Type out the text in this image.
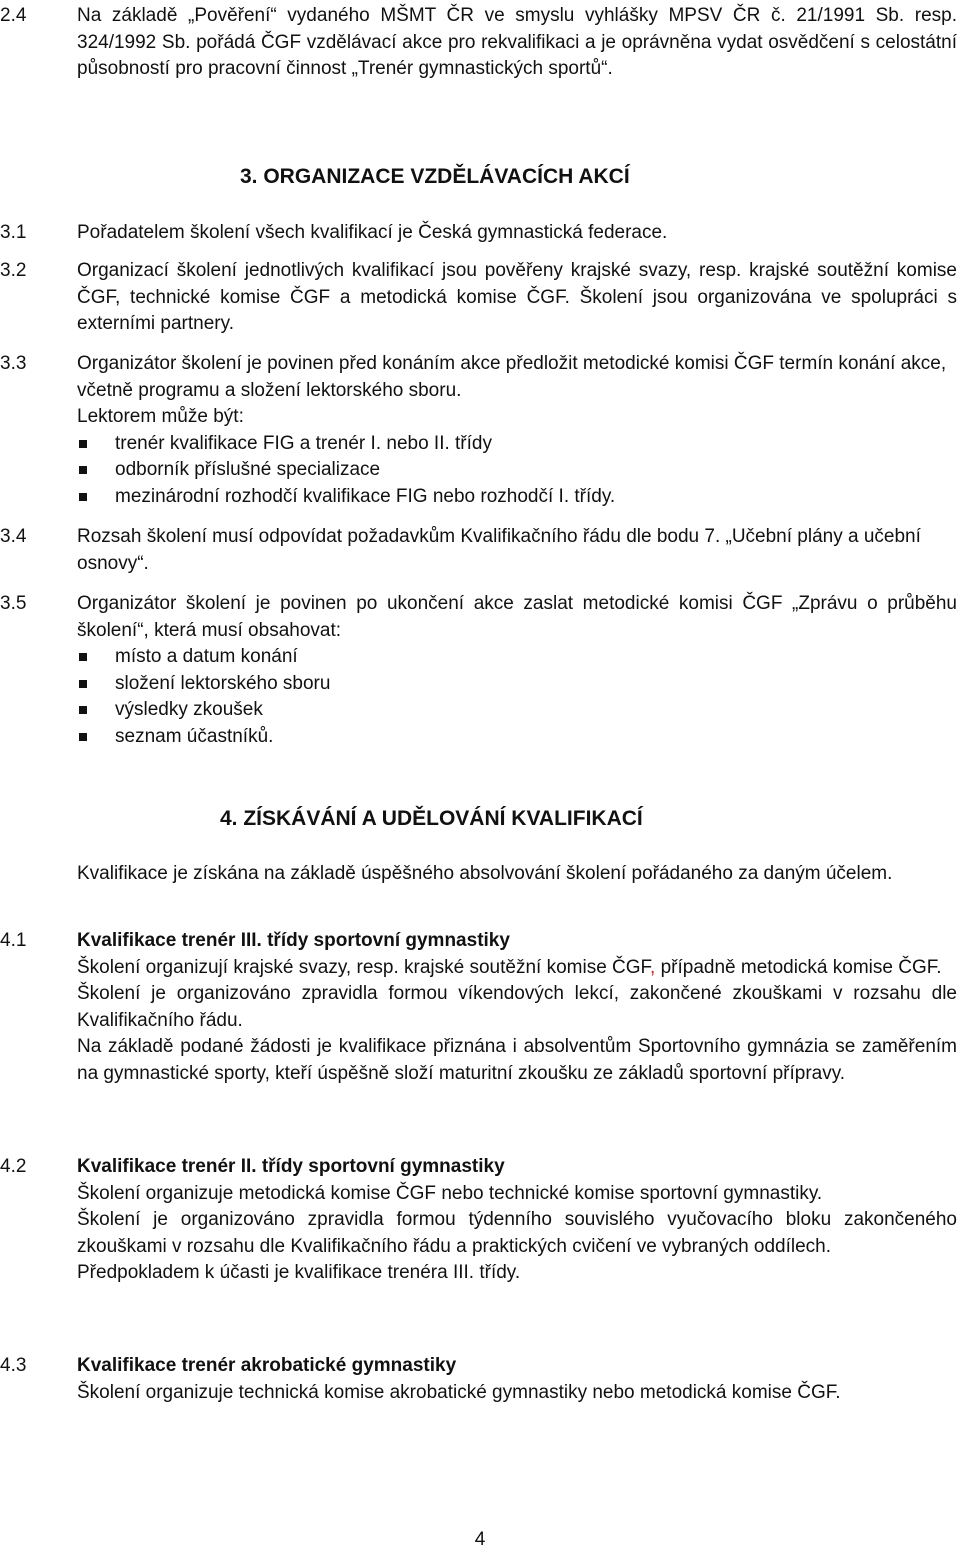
2.4	Na základě „Pověření“ vydaného MŠMT ČR ve smyslu vyhlášky MPSV ČR č. 21/1991 Sb. resp. 324/1992 Sb. pořádá ČGF vzdělávací akce pro rekvalifikaci a je oprávněna vydat osvědčení s celostátní působností pro pracovní činnost „Trenér gymnastických sportů“.
3. ORGANIZACE VZDĚLÁVACÍCH AKCÍ
3.1	Pořadatelem školení všech kvalifikací je Česká gymnastická federace.
3.2	Organizací školení jednotlivých kvalifikací jsou pověřeny krajské svazy, resp. krajské soutěžní komise ČGF, technické komise ČGF a metodická komise ČGF. Školení jsou organizována ve spolupráci s externími partnery.
3.3	Organizátor školení je povinen před konáním akce předložit metodické komisi ČGF termín konání akce, včetně programu a složení lektorského sboru.
Lektorem může být:
trenér kvalifikace FIG a trenér I. nebo II. třídy
odborník příslušné specializace
mezinárodní rozhodčí kvalifikace FIG nebo rozhodčí I. třídy.
3.4	Rozsah školení musí odpovídat požadavkům Kvalifikačního řádu dle bodu 7. „Učební plány a učební osnovy“.
3.5	Organizátor školení je povinen po ukončení akce zaslat metodické komisi ČGF „Zprávu o průběhu školení“, která musí obsahovat:
místo a datum konání
složení lektorského sboru
výsledky zkoušek
seznam účastníků.
4. ZÍSKÁVÁNÍ A UDĚLOVÁNÍ KVALIFIKACÍ
Kvalifikace je získána na základě úspěšného absolvování školení pořádaného za daným účelem.
4.1	Kvalifikace trenér III. třídy sportovní gymnastiky
Školení organizují krajské svazy, resp. krajské soutěžní komise ČGF, případně metodická komise ČGF.
Školení je organizováno zpravidla formou víkendových lekcí, zakončené zkouškami v rozsahu dle Kvalifikačního řádu.
Na základě podané žádosti je kvalifikace přiznána i absolventům Sportovního gymnázia se zaměřením na gymnastické sporty, kteří úspěšně složí maturitní zkoušku ze základů sportovní přípravy.
4.2	Kvalifikace trenér II. třídy sportovní gymnastiky
Školení organizuje metodická komise ČGF nebo technické komise sportovní gymnastiky.
Školení je organizováno zpravidla formou týdenního souvislého vyučovacího bloku zakončeného zkouškami v rozsahu dle Kvalifikačního řádu a praktických cvičení ve vybraných oddílech.
Předpokladem k účasti je kvalifikace trenéra III. třídy.
4.3	Kvalifikace trenér akrobatické gymnastiky
Školení organizuje technická komise akrobatické gymnastiky nebo metodická komise ČGF.
4
